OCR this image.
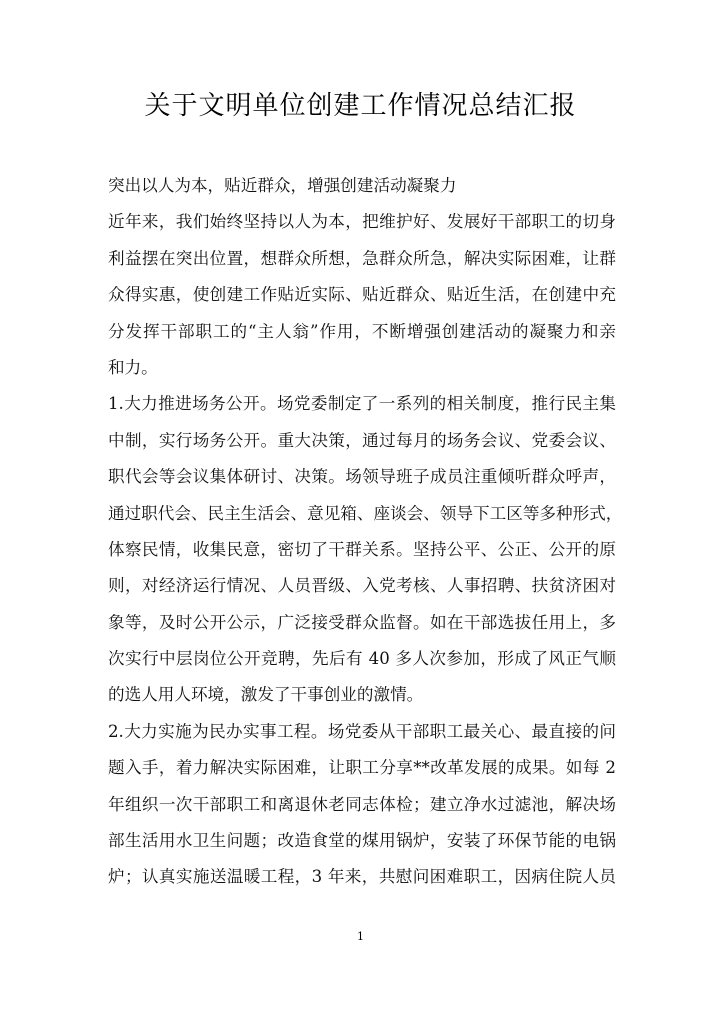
关于文明单位创建工作情况总结汇报
突出以人为本，贴近群众，增强创建活动凝聚力
近年来，我们始终坚持以人为本，把维护好、发展好干部职工的切身
利益摆在突出位置，想群众所想，急群众所急，解决实际困难，让群
众得实惠，使创建工作贴近实际、贴近群众、贴近生活，在创建中充
分发挥干部职工的“主人翁”作用，不断增强创建活动的凝聚力和亲
和力。
1.大力推进场务公开。场党委制定了一系列的相关制度，推行民主集
中制，实行场务公开。重大决策，通过每月的场务会议、党委会议、
职代会等会议集体研讨、决策。场领导班子成员注重倾听群众呼声，
通过职代会、民主生活会、意见箱、座谈会、领导下工区等多种形式，
体察民情，收集民意，密切了干群关系。坚持公平、公正、公开的原
则，对经济运行情况、人员晋级、入党考核、人事招聘、扶贫济困对
象等，及时公开公示，广泛接受群众监督。如在干部选拔任用上，多
次实行中层岗位公开竞聘，先后有 40 多人次参加，形成了风正气顺
的选人用人环境，激发了干事创业的激情。
2.大力实施为民办实事工程。场党委从干部职工最关心、最直接的问
题入手，着力解决实际困难，让职工分享**改革发展的成果。如每 2
年组织一次干部职工和离退休老同志体检；建立净水过滤池，解决场
部生活用水卫生问题；改造食堂的煤用锅炉，安装了环保节能的电锅
炉；认真实施送温暖工程，3 年来，共慰问困难职工，因病住院人员
1
